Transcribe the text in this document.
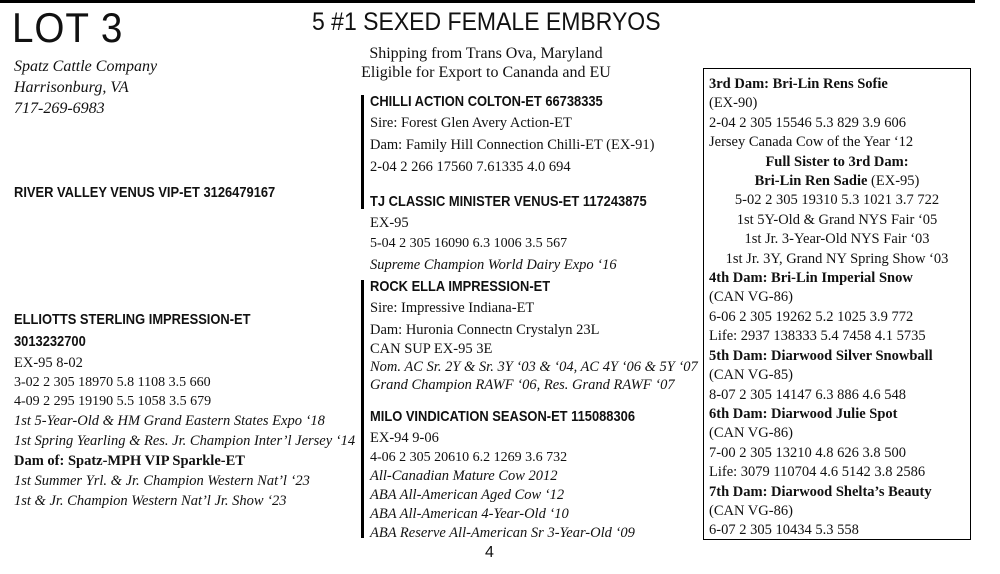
LOT 3	5 #1 SEXED FEMALE EMBRYOS
Spatz Cattle Company
Harrisonburg, VA
717-269-6983
Shipping from Trans Ova, Maryland
Eligible for Export to Cananda and EU
RIVER VALLEY VENUS VIP-ET 3126479167
ELLIOTTS STERLING IMPRESSION-ET
3013232700
EX-95 8-02
3-02 2 305 18970 5.8 1108 3.5 660
4-09 2 295 19190 5.5 1058 3.5 679
1st 5-Year-Old & HM Grand Eastern States Expo ‘18
1st Spring Yearling & Res. Jr. Champion Inter’l Jersey ‘14
Dam of: Spatz-MPH VIP Sparkle-ET
1st Summer Yrl. & Jr. Champion Western Nat’l ‘23
1st & Jr. Champion Western Nat’l Jr. Show ‘23
CHILLI ACTION COLTON-ET 66738335
Sire: Forest Glen Avery Action-ET
Dam: Family Hill Connection Chilli-ET (EX-91)
2-04 2 266 17560 7.61335 4.0 694
TJ CLASSIC MINISTER VENUS-ET 117243875
EX-95
5-04 2 305 16090 6.3 1006 3.5 567
Supreme Champion World Dairy Expo ‘16
ROCK ELLA IMPRESSION-ET
Sire: Impressive Indiana-ET
Dam: Huronia Connectn Crystalyn 23L
CAN SUP EX-95 3E
Nom. AC Sr. 2Y & Sr. 3Y ‘03 & ‘04, AC 4Y ‘06 & 5Y ‘07
Grand Champion RAWF ‘06, Res. Grand RAWF ‘07
MILO VINDICATION SEASON-ET 115088306
EX-94 9-06
4-06 2 305 20610 6.2 1269 3.6 732
All-Canadian Mature Cow 2012
ABA All-American Aged Cow ‘12
ABA All-American 4-Year-Old ‘10
ABA Reserve All-American Sr 3-Year-Old ‘09
3rd Dam: Bri-Lin Rens Sofie
(EX-90)
2-04 2 305 15546 5.3 829 3.9 606
Jersey Canada Cow of the Year ‘12
Full Sister to 3rd Dam:
Bri-Lin Ren Sadie (EX-95)
5-02 2 305 19310 5.3 1021 3.7 722
1st 5Y-Old & Grand NYS Fair ‘05
1st Jr. 3-Year-Old NYS Fair ‘03
1st Jr. 3Y, Grand NY Spring Show ‘03
4th Dam: Bri-Lin Imperial Snow
(CAN VG-86)
6-06 2 305 19262 5.2 1025 3.9 772
Life: 2937 138333 5.4 7458 4.1 5735
5th Dam: Diarwood Silver Snowball
(CAN VG-85)
8-07 2 305 14147 6.3 886 4.6 548
6th Dam: Diarwood Julie Spot
(CAN VG-86)
7-00 2 305 13210 4.8 626 3.8 500
Life: 3079 110704 4.6 5142 3.8 2586
7th Dam: Diarwood Shelta’s Beauty
(CAN VG-86)
6-07 2 305 10434 5.3 558
4
